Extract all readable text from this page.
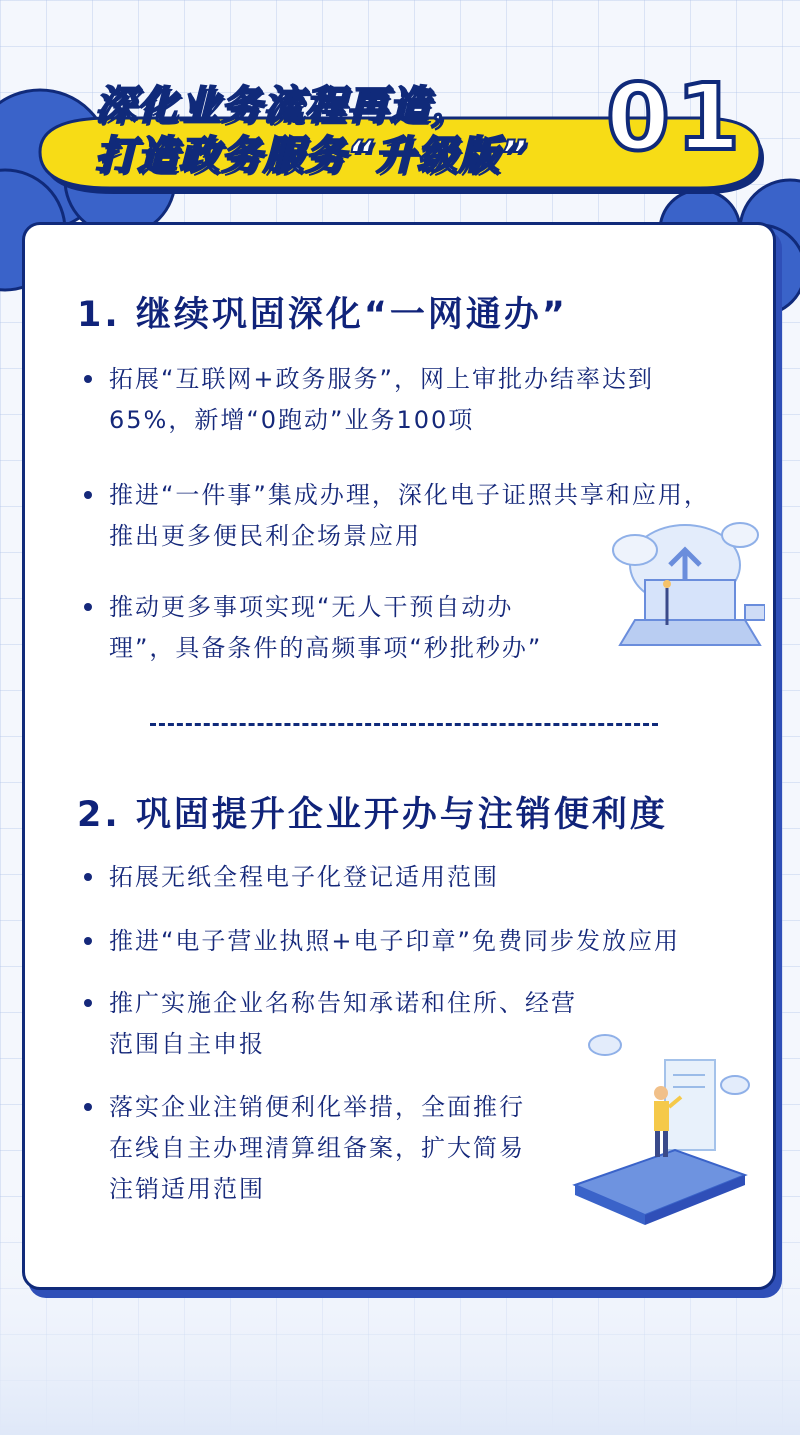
深化业务流程再造，
打造政务服务“升级版” 01
1. 继续巩固深化“一网通办”
拓展“互联网+政务服务”，网上审批办结率达到
65%，新增“0跑动”业务100项
推进“一件事”集成办理，深化电子证照共享和应用，
推出更多便民利企场景应用
推动更多事项实现“无人干预自动办
理”，具备条件的高频事项“秒批秒办”
2. 巩固提升企业开办与注销便利度
拓展无纸全程电子化登记适用范围
推进“电子营业执照+电子印章”免费同步发放应用
推广实施企业名称告知承诺和住所、经营
范围自主申报
落实企业注销便利化举措，全面推行
在线自主办理清算组备案，扩大简易
注销适用范围
